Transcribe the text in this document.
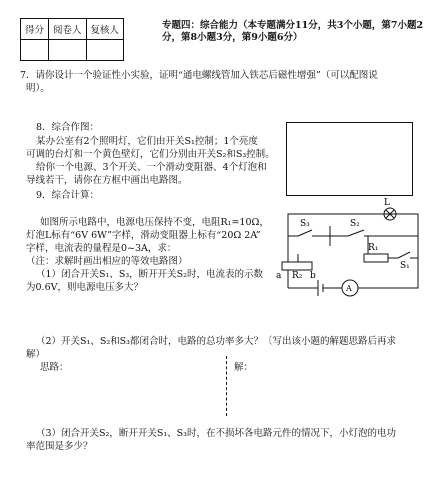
得分	阅卷人	复核人
			专题四：综合能力（本专题满分11分，共3个小题，第7小题2
分，第8小题3分，第9小题6分）
7．请你设计一个验证性小实验，证明“通电螺线管加入铁芯后磁性增强”（可以配图说
明）。
8．综合作图：
某办公室有2个照明灯，它们由开关S₁控制；1个亮度
可调的台灯和一个黄色壁灯，它们分别由开关S₂和S₃控制。
给你一个电源、3个开关、一个滑动变阻器、4个灯泡和
导线若干，请你在方框中画出电路图。
9．综合计算：
如图所示电路中，电源电压保持不变，电阻R₁=10Ω，
灯泡L标有“6V 6W”字样，滑动变阻器上标有“20Ω 2A”
字样，电流表的量程是0~3A，求：
（注：求解时画出相应的等效电路图）
（1）闭合开关S₁、S₃，断开开关S₂时，电流表的示数
为0.6V，则电源电压多大？
L
S₃	S₂
R₁
S₁
a R₂ b
A
（2）开关S₁、S₂和S₃都闭合时，电路的总功率多大？〔写出该小题的解题思路后再求
解）
思路：	解：
（3）闭合开关S₂，断开开关S₁、S₃时，在不损坏各电路元件的情况下，小灯泡的电功
率范围是多少？
